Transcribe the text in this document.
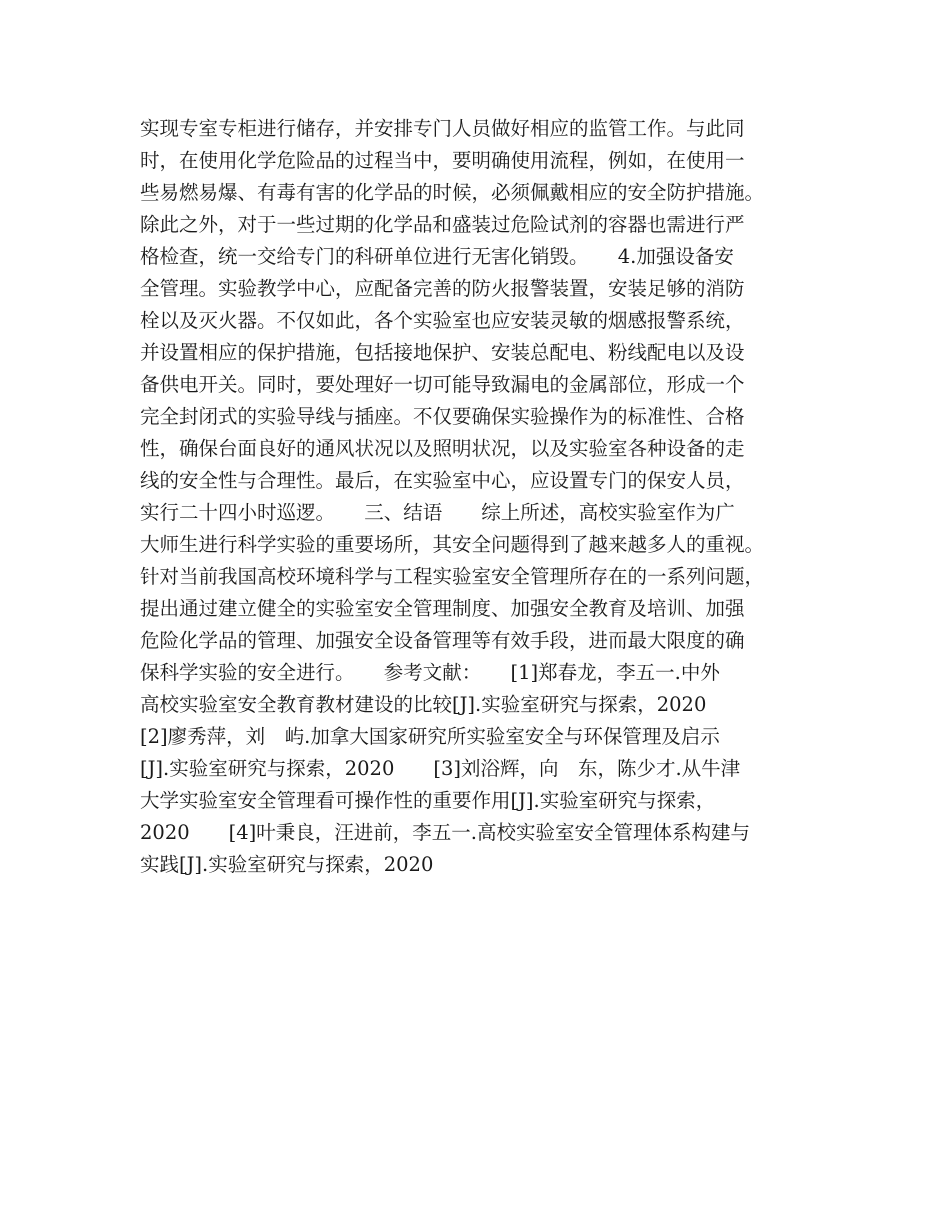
实现专室专柜进行储存，并安排专门人员做好相应的监管工作。与此同
时，在使用化学危险品的过程当中，要明确使用流程，例如，在使用一
些易燃易爆、有毒有害的化学品的时候，必须佩戴相应的安全防护措施。
除此之外，对于一些过期的化学品和盛装过危险试剂的容器也需进行严
格检查，统一交给专门的科研单位进行无害化销毁。　　4.加强设备安
全管理。实验教学中心，应配备完善的防火报警装置，安装足够的消防
栓以及灭火器。不仅如此，各个实验室也应安装灵敏的烟感报警系统，
并设置相应的保护措施，包括接地保护、安装总配电、粉线配电以及设
备供电开关。同时，要处理好一切可能导致漏电的金属部位，形成一个
完全封闭式的实验导线与插座。不仅要确保实验操作为的标准性、合格
性，确保台面良好的通风状况以及照明状况，以及实验室各种设备的走
线的安全性与合理性。最后，在实验室中心，应设置专门的保安人员，
实行二十四小时巡逻。　　三、结语　　综上所述，高校实验室作为广
大师生进行科学实验的重要场所，其安全问题得到了越来越多人的重视。
针对当前我国高校环境科学与工程实验室安全管理所存在的一系列问题，
提出通过建立健全的实验室安全管理制度、加强安全教育及培训、加强
危险化学品的管理、加强安全设备管理等有效手段，进而最大限度的确
保科学实验的安全进行。　　参考文献：　　[1]郑春龙，李五一.中外
高校实验室安全教育教材建设的比较[J].实验室研究与探索，2020
[2]廖秀萍，刘　屿.加拿大国家研究所实验室安全与环保管理及启示
[J].实验室研究与探索，2020　　[3]刘浴辉，向　东，陈少才.从牛津
大学实验室安全管理看可操作性的重要作用[J].实验室研究与探索，
2020　　[4]叶秉良，汪进前，李五一.高校实验室安全管理体系构建与
实践[J].实验室研究与探索，2020
